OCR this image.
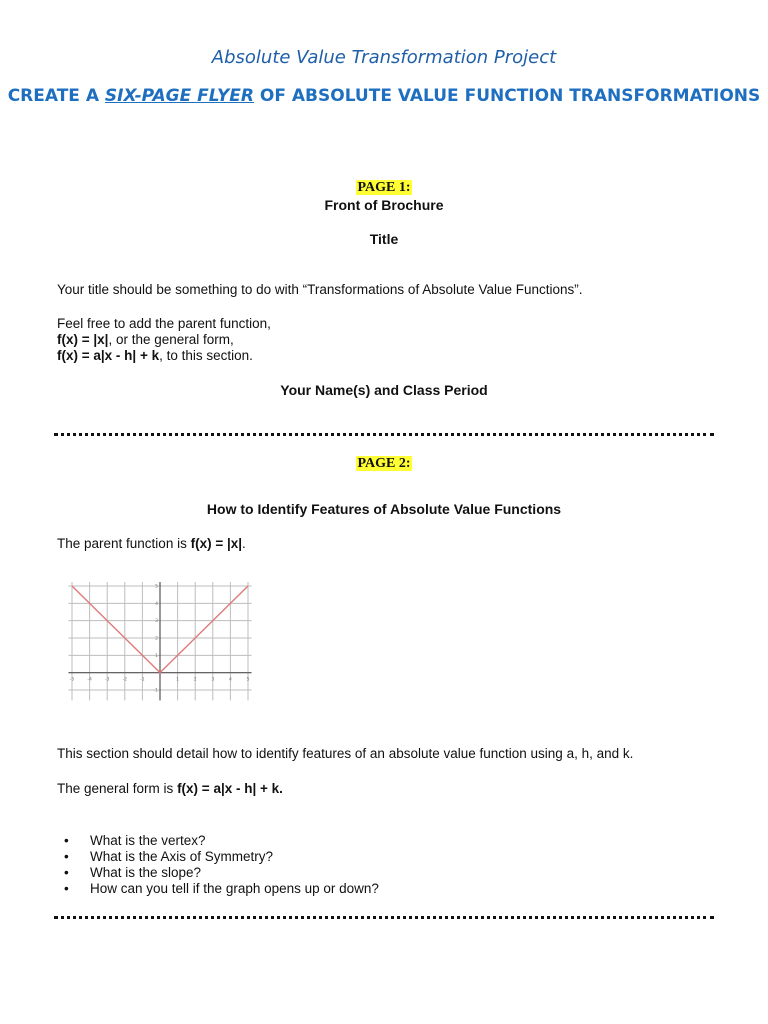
Absolute Value Transformation Project
CREATE A SIX-PAGE FLYER OF ABSOLUTE VALUE FUNCTION TRANSFORMATIONS
PAGE 1:
Front of Brochure
Title
Your title should be something to do with “Transformations of Absolute Value Functions”.
Feel free to add the parent function,
f(x) = |x|, or the general form,
f(x) = a|x - h| + k, to this section.
Your Name(s) and Class Period
PAGE 2:
How to Identify Features of Absolute Value Functions
The parent function is f(x) = |x|.
-5	-4	-3	-2	-1	1	2	3	4	5
5
4
3
2
1
-1
This section should detail how to identify features of an absolute value function using a, h, and k.
The general form is f(x) = a|x - h| + k.
• What is the vertex?
• What is the Axis of Symmetry?
• What is the slope?
• How can you tell if the graph opens up or down?
